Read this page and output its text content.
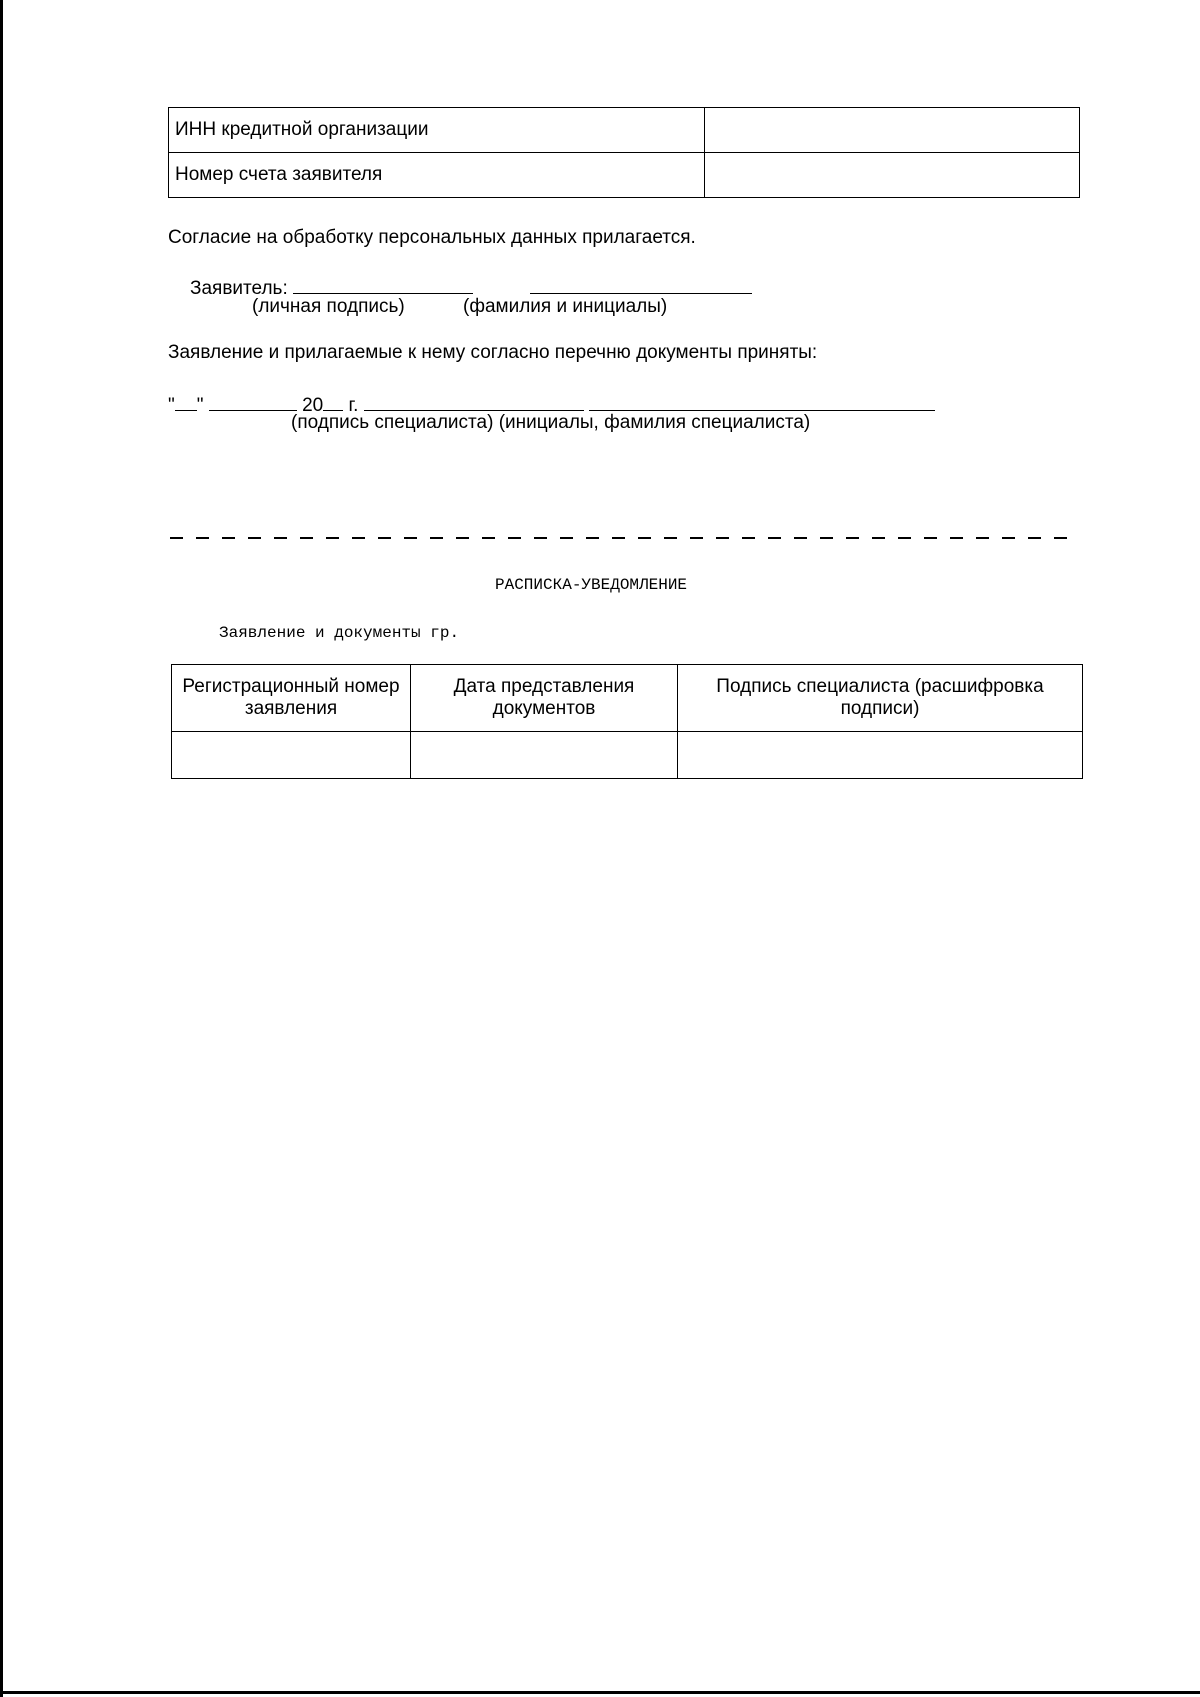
ИНН кредитной организации	
Номер счета заявителя	
Согласие на обработку персональных данных прилагается.
Заявитель:
(личная подпись)	(фамилия и инициалы)
Заявление и прилагаемые к нему согласно перечню документы приняты:
" "	20 г.
(подпись специалиста) (инициалы, фамилия специалиста)
РАСПИСКА-УВЕДОМЛЕНИЕ
Заявление и документы гр.
Регистрационный номер заявления	Дата представления документов	Подпись специалиста (расшифровка подписи)
